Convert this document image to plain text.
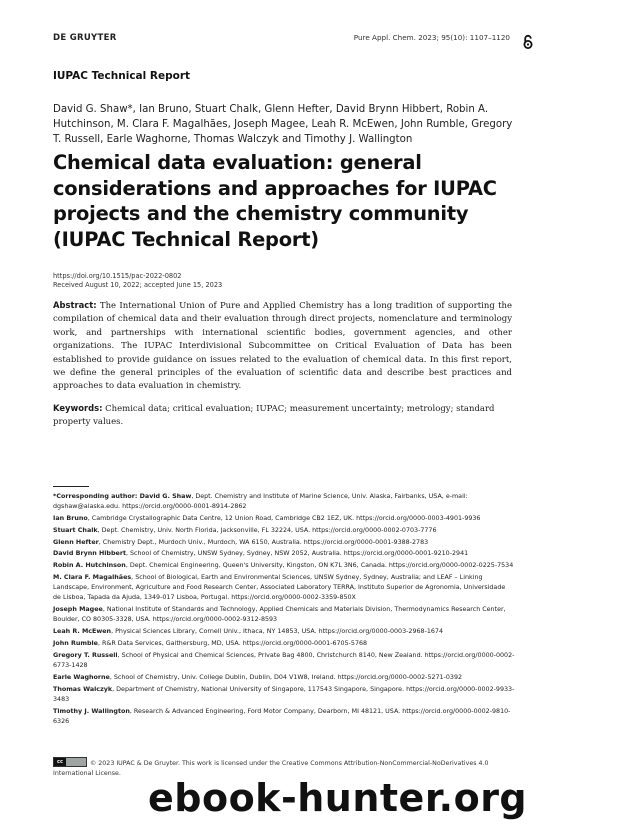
DE GRUYTER	Pure Appl. Chem. 2023; 95(10): 1107–1120
IUPAC Technical Report
David G. Shaw*, Ian Bruno, Stuart Chalk, Glenn Hefter, David Brynn Hibbert, Robin A. Hutchinson, M. Clara F. Magalhães, Joseph Magee, Leah R. McEwen, John Rumble, Gregory T. Russell, Earle Waghorne, Thomas Walczyk and Timothy J. Wallington
Chemical data evaluation: general considerations and approaches for IUPAC projects and the chemistry community (IUPAC Technical Report)
https://doi.org/10.1515/pac-2022-0802
Received August 10, 2022; accepted June 15, 2023
Abstract: The International Union of Pure and Applied Chemistry has a long tradition of supporting the compilation of chemical data and their evaluation through direct projects, nomenclature and terminology work, and partnerships with international scientific bodies, government agencies, and other organizations. The IUPAC Interdivisional Subcommittee on Critical Evaluation of Data has been established to provide guidance on issues related to the evaluation of chemical data. In this first report, we define the general principles of the evaluation of scientific data and describe best practices and approaches to data evaluation in chemistry.
Keywords: Chemical data; critical evaluation; IUPAC; measurement uncertainty; metrology; standard property values.

*Corresponding author: David G. Shaw, Dept. Chemistry and Institute of Marine Science, Univ. Alaska, Fairbanks, USA, e-mail: dgshaw@alaska.edu. https://orcid.org/0000-0001-8914-2862

Ian Bruno, Cambridge Crystallographic Data Centre, 12 Union Road, Cambridge CB2 1EZ, UK. https://orcid.org/0000-0003-4901-9936

Stuart Chalk, Dept. Chemistry, Univ. North Florida, Jacksonville, FL 32224, USA. https://orcid.org/0000-0002-0703-7776

Glenn Hefter, Chemistry Dept., Murdoch Univ., Murdoch, WA 6150, Australia. https://orcid.org/0000-0001-9388-2783

David Brynn Hibbert, School of Chemistry, UNSW Sydney, Sydney, NSW 2052, Australia. https://orcid.org/0000-0001-9210-2941

Robin A. Hutchinson, Dept. Chemical Engineering, Queen's University, Kingston, ON K7L 3N6, Canada. https://orcid.org/0000-0002-0225-7534

M. Clara F. Magalhães, School of Biological, Earth and Environmental Sciences, UNSW Sydney, Sydney, Australia; and LEAF – Linking Landscape, Environment, Agriculture and Food Research Center, Associated Laboratory TERRA, Instituto Superior de Agronomia, Universidade de Lisboa, Tapada da Ajuda, 1349-017 Lisboa, Portugal. https://orcid.org/0000-0002-3359-850X

Joseph Magee, National Institute of Standards and Technology, Applied Chemicals and Materials Division, Thermodynamics Research Center, Boulder, CO 80305-3328, USA. https://orcid.org/0000-0002-9312-8593

Leah R. McEwen, Physical Sciences Library, Cornell Univ., Ithaca, NY 14853, USA. https://orcid.org/0000-0003-2968-1674

John Rumble, R&R Data Services, Gaithersburg, MD, USA. https://orcid.org/0000-0001-6705-5768

Gregory T. Russell, School of Physical and Chemical Sciences, Private Bag 4800, Christchurch 8140, New Zealand. https://orcid.org/0000-0002-6773-1428

Earle Waghorne, School of Chemistry, Univ. College Dublin, Dublin, D04 V1W8, Ireland. https://orcid.org/0000-0002-5271-0392

Thomas Walczyk, Department of Chemistry, National University of Singapore, 117543 Singapore, Singapore. https://orcid.org/0000-0002-9933-3483

Timothy J. Wallington, Research & Advanced Engineering, Ford Motor Company, Dearborn, MI 48121, USA. https://orcid.org/0000-0002-9810-6326

cc	© 2023 IUPAC & De Gruyter. This work is licensed under the Creative Commons Attribution-NonCommercial-NoDerivatives 4.0 International License.
ebook-hunter.org
